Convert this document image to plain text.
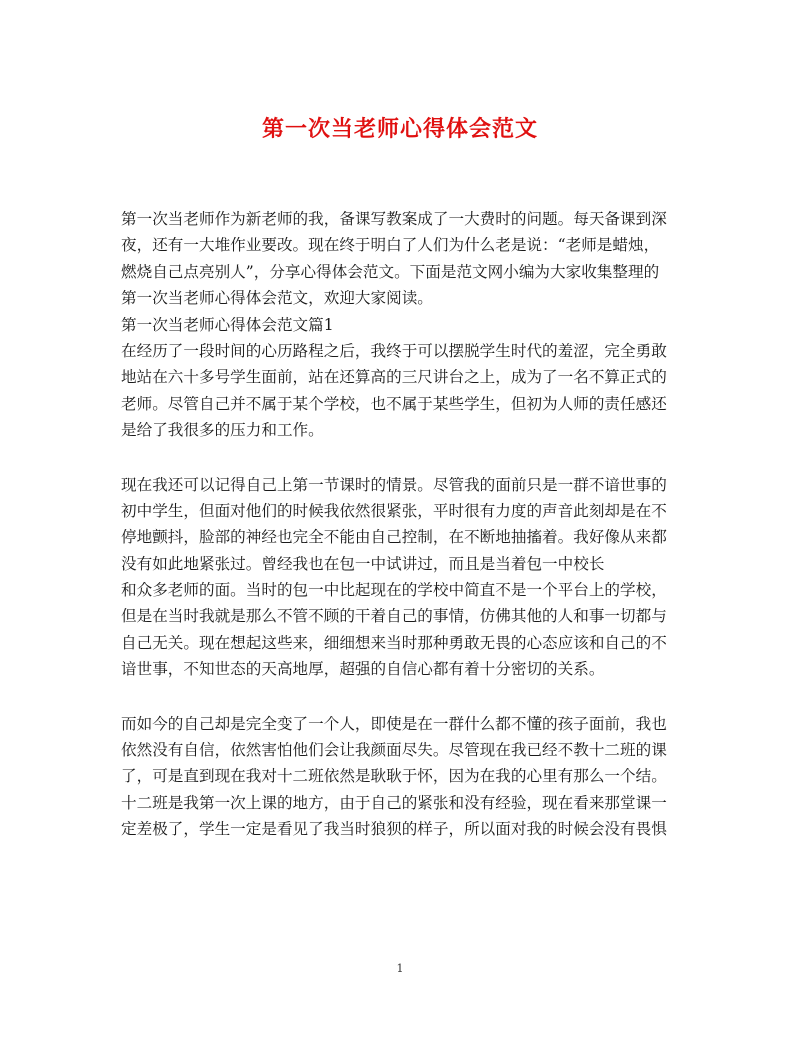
第一次当老师心得体会范文
第一次当老师作为新老师的我，备课写教案成了一大费时的问题。每天备课到深
夜，还有一大堆作业要改。现在终于明白了人们为什么老是说：“老师是蜡烛，
燃烧自己点亮别人”，分享心得体会范文。下面是范文网小编为大家收集整理的
第一次当老师心得体会范文，欢迎大家阅读。
第一次当老师心得体会范文篇1
在经历了一段时间的心历路程之后，我终于可以摆脱学生时代的羞涩，完全勇敢
地站在六十多号学生面前，站在还算高的三尺讲台之上，成为了一名不算正式的
老师。尽管自己并不属于某个学校，也不属于某些学生，但初为人师的责任感还
是给了我很多的压力和工作。
现在我还可以记得自己上第一节课时的情景。尽管我的面前只是一群不谙世事的
初中学生，但面对他们的时候我依然很紧张，平时很有力度的声音此刻却是在不
停地颤抖，脸部的神经也完全不能由自己控制，在不断地抽搐着。我好像从来都
没有如此地紧张过。曾经我也在包一中试讲过，而且是当着包一中校长
和众多老师的面。当时的包一中比起现在的学校中简直不是一个平台上的学校，
但是在当时我就是那么不管不顾的干着自己的事情，仿佛其他的人和事一切都与
自己无关。现在想起这些来，细细想来当时那种勇敢无畏的心态应该和自己的不
谙世事，不知世态的天高地厚，超强的自信心都有着十分密切的关系。
而如今的自己却是完全变了一个人，即使是在一群什么都不懂的孩子面前，我也
依然没有自信，依然害怕他们会让我颜面尽失。尽管现在我已经不教十二班的课
了，可是直到现在我对十二班依然是耿耿于怀，因为在我的心里有那么一个结。
十二班是我第一次上课的地方，由于自己的紧张和没有经验，现在看来那堂课一
定差极了，学生一定是看见了我当时狼狈的样子，所以面对我的时候会没有畏惧
1
